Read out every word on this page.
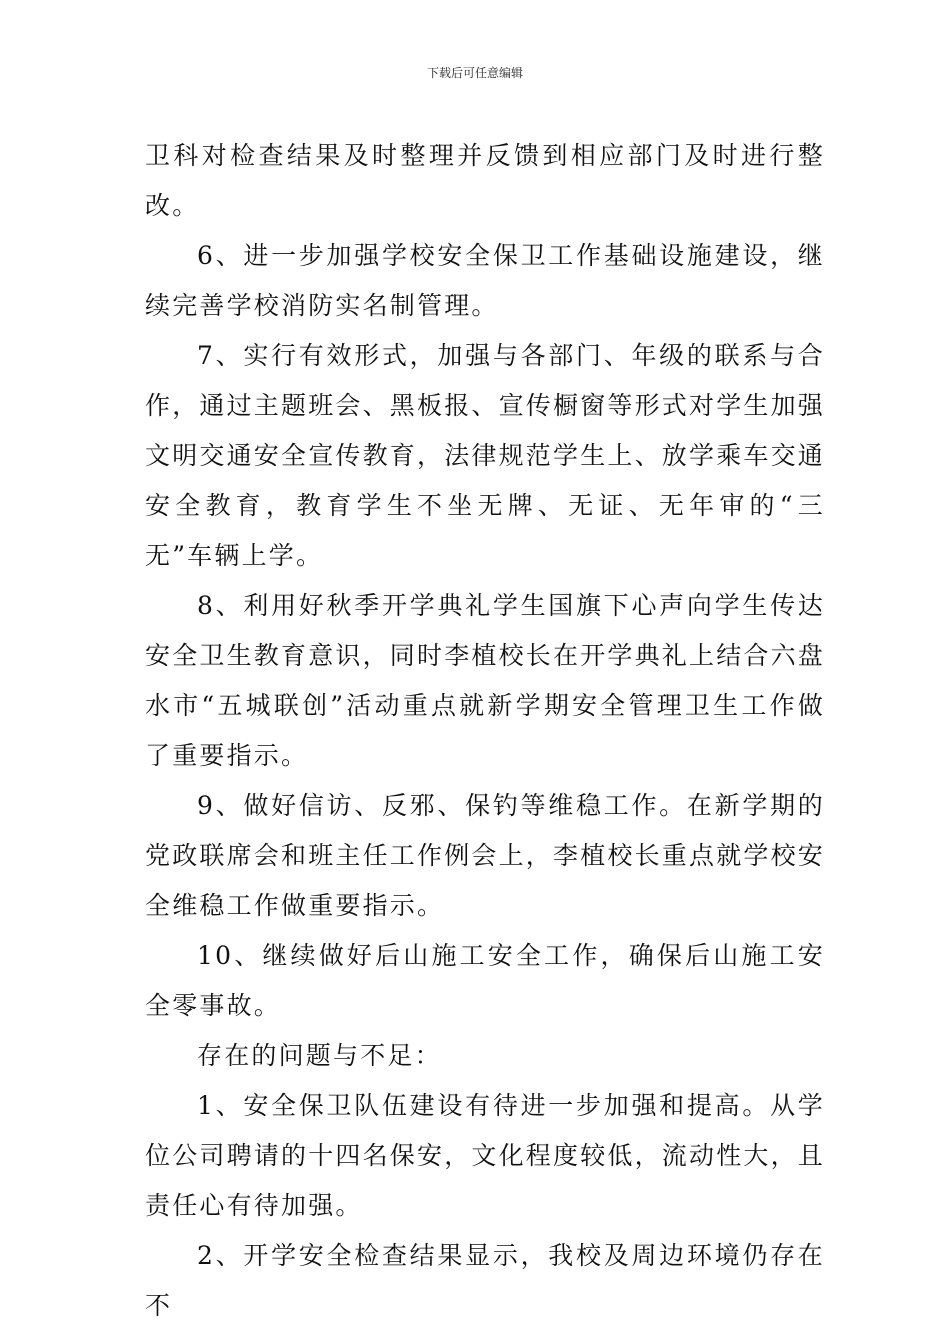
下载后可任意编辑

卫科对检查结果及时整理并反馈到相应部门及时进行整改。

6、进一步加强学校安全保卫工作基础设施建设，继续完善学校消防实名制管理。

7、实行有效形式，加强与各部门、年级的联系与合作，通过主题班会、黑板报、宣传橱窗等形式对学生加强文明交通安全宣传教育，法律规范学生上、放学乘车交通安全教育，教育学生不坐无牌、无证、无年审的“三无”车辆上学。

8、利用好秋季开学典礼学生国旗下心声向学生传达安全卫生教育意识，同时李植校长在开学典礼上结合六盘水市“五城联创”活动重点就新学期安全管理卫生工作做了重要指示。

9、做好信访、反邪、保钓等维稳工作。在新学期的党政联席会和班主任工作例会上，李植校长重点就学校安全维稳工作做重要指示。

10、继续做好后山施工安全工作，确保后山施工安全零事故。

存在的问题与不足：

1、安全保卫队伍建设有待进一步加强和提高。从学位公司聘请的十四名保安，文化程度较低，流动性大，且责任心有待加强。

2、开学安全检查结果显示，我校及周边环境仍存在不
